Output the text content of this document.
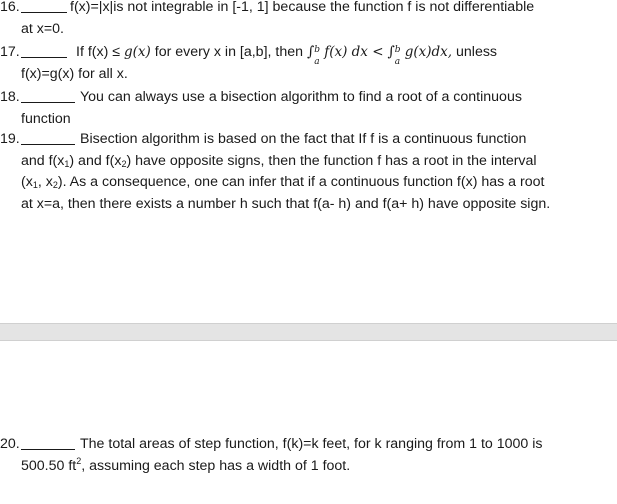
16.	f(x)=|x|is not integrable in [-1, 1] because the function f is not differentiable
at x=0.
17.	If f(x) ≤ g(x) for every x in [a,b], then ∫ b
a
f(x) dx < ∫ b
a
g(x)dx, unless
f(x)=g(x) for all x.
18.	You can always use a bisection algorithm to find a root of a continuous
function
19.	Bisection algorithm is based on the fact that If f is a continuous function
and $f(x_1)$ and $f(x_2)$ have opposite signs, then the function f has a root in the interval
($x_1$, $x_2$). As a consequence, one can infer that if a continuous function f(x) has a root
at x=a, then there exists a number h such that f(a- h) and f(a+ h) have opposite sign.
20.	The total areas of step function, f(k)=k feet, for k ranging from 1 to 1000 is
500.50 $ft^2$, assuming each step has a width of 1 foot.
